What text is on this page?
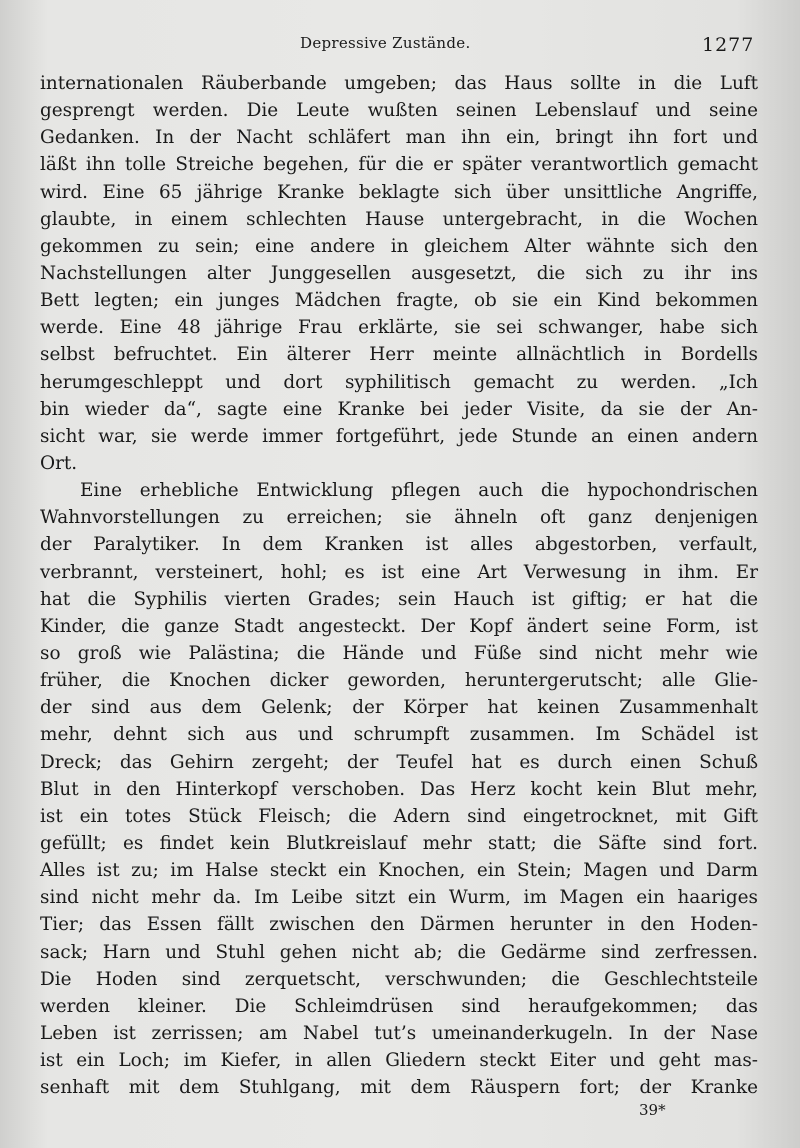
Depressive Zustände.	1277
internationalen Räuberbande umgeben; das Haus sollte in die Luft
gesprengt werden. Die Leute wußten seinen Lebenslauf und seine
Gedanken. In der Nacht schläfert man ihn ein, bringt ihn fort und
läßt ihn tolle Streiche begehen, für die er später verantwortlich gemacht
wird. Eine 65 jährige Kranke beklagte sich über unsittliche Angriffe,
glaubte, in einem schlechten Hause untergebracht, in die Wochen
gekommen zu sein; eine andere in gleichem Alter wähnte sich den
Nachstellungen alter Junggesellen ausgesetzt, die sich zu ihr ins
Bett legten; ein junges Mädchen fragte, ob sie ein Kind bekommen
werde. Eine 48 jährige Frau erklärte, sie sei schwanger, habe sich
selbst befruchtet. Ein älterer Herr meinte allnächtlich in Bordells
herumgeschleppt und dort syphilitisch gemacht zu werden. „Ich
bin wieder da“, sagte eine Kranke bei jeder Visite, da sie der An-
sicht war, sie werde immer fortgeführt, jede Stunde an einen andern
Ort.
Eine erhebliche Entwicklung pflegen auch die hypochondrischen
Wahnvorstellungen zu erreichen; sie ähneln oft ganz denjenigen
der Paralytiker. In dem Kranken ist alles abgestorben, verfault,
verbrannt, versteinert, hohl; es ist eine Art Verwesung in ihm. Er
hat die Syphilis vierten Grades; sein Hauch ist giftig; er hat die
Kinder, die ganze Stadt angesteckt. Der Kopf ändert seine Form, ist
so groß wie Palästina; die Hände und Füße sind nicht mehr wie
früher, die Knochen dicker geworden, heruntergerutscht; alle Glie-
der sind aus dem Gelenk; der Körper hat keinen Zusammenhalt
mehr, dehnt sich aus und schrumpft zusammen. Im Schädel ist
Dreck; das Gehirn zergeht; der Teufel hat es durch einen Schuß
Blut in den Hinterkopf verschoben. Das Herz kocht kein Blut mehr,
ist ein totes Stück Fleisch; die Adern sind eingetrocknet, mit Gift
gefüllt; es findet kein Blutkreislauf mehr statt; die Säfte sind fort.
Alles ist zu; im Halse steckt ein Knochen, ein Stein; Magen und Darm
sind nicht mehr da. Im Leibe sitzt ein Wurm, im Magen ein haariges
Tier; das Essen fällt zwischen den Därmen herunter in den Hoden-
sack; Harn und Stuhl gehen nicht ab; die Gedärme sind zerfressen.
Die Hoden sind zerquetscht, verschwunden; die Geschlechtsteile
werden kleiner. Die Schleimdrüsen sind heraufgekommen; das
Leben ist zerrissen; am Nabel tut’s umeinanderkugeln. In der Nase
ist ein Loch; im Kiefer, in allen Gliedern steckt Eiter und geht mas-
senhaft mit dem Stuhlgang, mit dem Räuspern fort; der Kranke
39*
